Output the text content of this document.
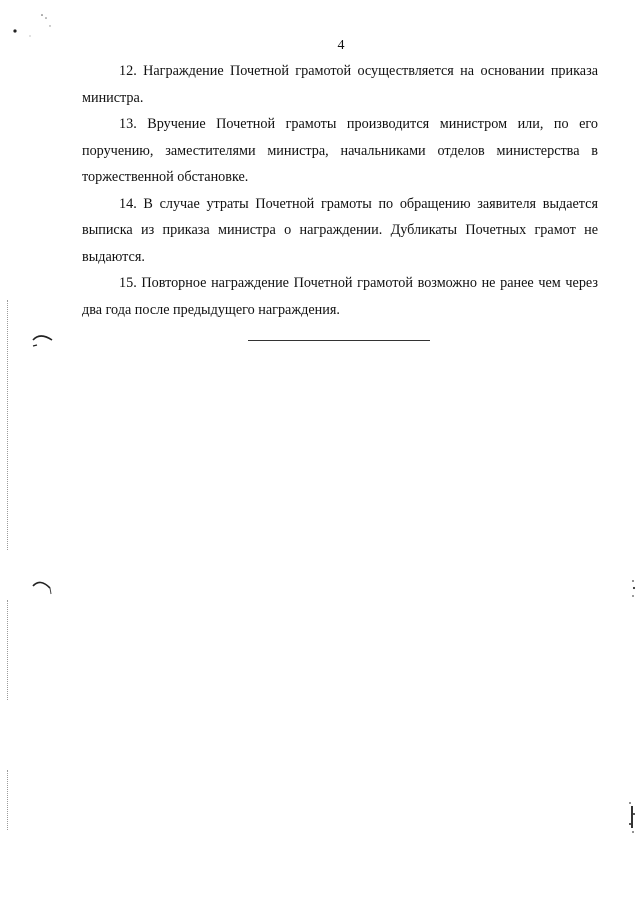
4

12. Награждение Почетной грамотой осуществляется на основании приказа министра.

13. Вручение Почетной грамоты производится министром или, по его поручению, заместителями министра, начальниками отделов министерства в торжественной обстановке.

14. В случае утраты Почетной грамоты по обращению заявителя выдается выписка из приказа министра о награждении. Дубликаты Почетных грамот не выдаются.

15. Повторное награждение Почетной грамотой возможно не ранее чем через два года после предыдущего награждения.
